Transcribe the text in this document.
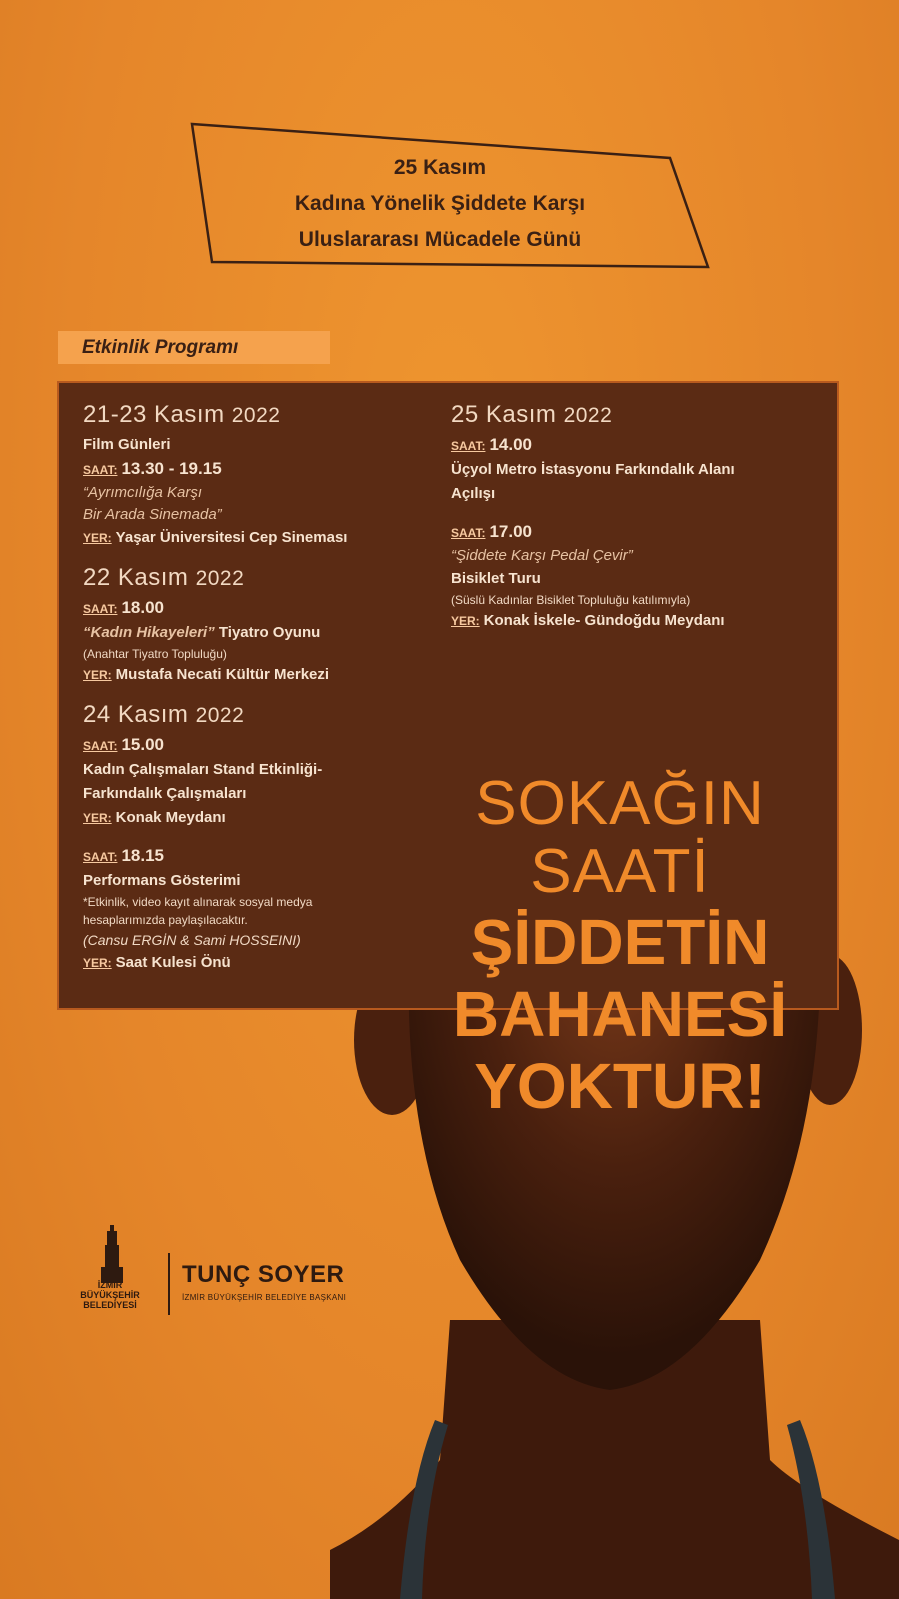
25 Kasım
Kadına Yönelik Şiddete Karşı
Uluslararası Mücadele Günü
Etkinlik Programı
21-23 Kasım 2022
Film Günleri
SAAT: 13.30 - 19.15
“Ayrımcılığa Karşı
Bir Arada Sinemada”
YER: Yaşar Üniversitesi Cep Sineması
22 Kasım 2022
SAAT: 18.00
“Kadın Hikayeleri” Tiyatro Oyunu
(Anahtar Tiyatro Topluluğu)
YER: Mustafa Necati Kültür Merkezi
24 Kasım 2022
SAAT: 15.00
Kadın Çalışmaları Stand Etkinliği-
Farkındalık Çalışmaları
YER: Konak Meydanı
SAAT: 18.15
Performans Gösterimi
*Etkinlik, video kayıt alınarak sosyal medya
hesaplarımızda paylaşılacaktır.
(Cansu ERGİN & Sami HOSSEINI)
YER: Saat Kulesi Önü
25 Kasım 2022
SAAT: 14.00
Üçyol Metro İstasyonu Farkındalık Alanı
Açılışı
SAAT: 17.00
“Şiddete Karşı Pedal Çevir”
Bisiklet Turu
(Süslü Kadınlar Bisiklet Topluluğu katılımıyla)
YER: Konak İskele- Gündoğdu Meydanı
SOKAĞIN
SAATİ
ŞİDDETİN
BAHANESİ
YOKTUR!
İZMİR
BÜYÜKŞEHİR
BELEDİYESİ
TUNÇ SOYER
İZMİR BÜYÜKŞEHİR BELEDİYE BAŞKANI
